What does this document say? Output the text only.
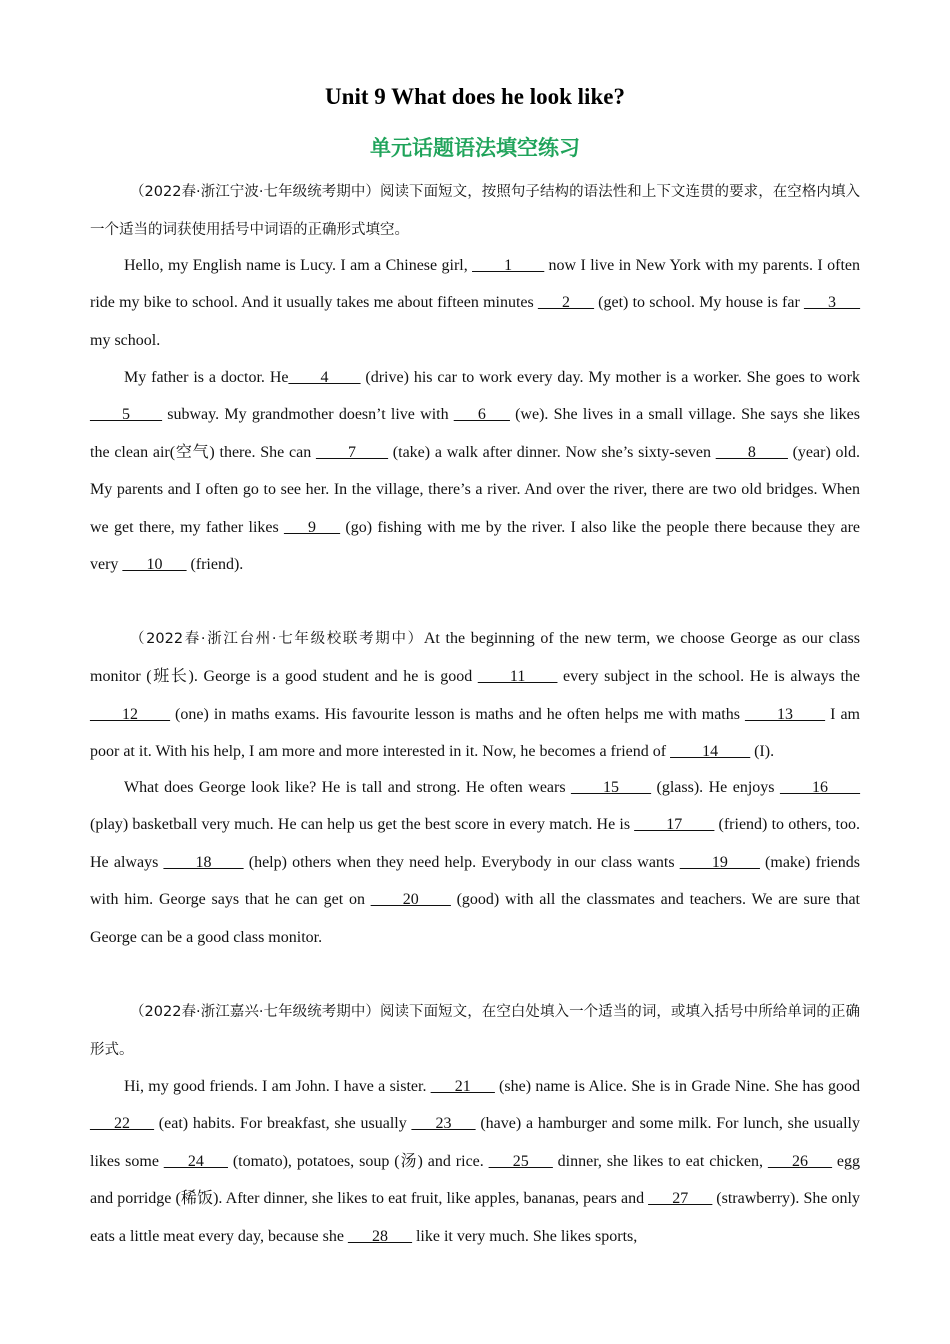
Unit 9 What does he look like?
单元话题语法填空练习

（2022春·浙江宁波·七年级统考期中）阅读下面短文，按照句子结构的语法性和上下文连贯的要求，在空格内填入一个适当的词获使用括号中词语的正确形式填空。

Hello, my English name is Lucy. I am a Chinese girl, ____1____ now I live in New York with my parents. I often ride my bike to school. And it usually takes me about fifteen minutes ___2___ (get) to school. My house is far ___3___ my school.

My father is a doctor. He____4____ (drive) his car to work every day. My mother is a worker. She goes to work ____5____ subway. My grandmother doesn’t live with ___6___ (we). She lives in a small village. She says she likes the clean air(空气) there. She can ____7____ (take) a walk after dinner. Now she’s sixty-seven ____8____ (year) old. My parents and I often go to see her. In the village, there’s a river. And over the river, there are two old bridges. When we get there, my father likes ___9___ (go) fishing with me by the river. I also like the people there because they are very ___10___ (friend).

（2022春·浙江台州·七年级校联考期中）At the beginning of the new term, we choose George as our class monitor (班长). George is a good student and he is good ____11____ every subject in the school. He is always the ____12____ (one) in maths exams. His favourite lesson is maths and he often helps me with maths ____13____ I am poor at it. With his help, I am more and more interested in it. Now, he becomes a friend of ____14____ (I).

What does George look like? He is tall and strong. He often wears ____15____ (glass). He enjoys ____16____ (play) basketball very much. He can help us get the best score in every match. He is ____17____ (friend) to others, too. He always ____18____ (help) others when they need help. Everybody in our class wants ____19____ (make) friends with him. George says that he can get on ____20____ (good) with all the classmates and teachers. We are sure that George can be a good class monitor.

（2022春·浙江嘉兴·七年级统考期中）阅读下面短文，在空白处填入一个适当的词，或填入括号中所给单词的正确形式。

Hi, my good friends. I am John. I have a sister. ___21___ (she) name is Alice. She is in Grade Nine. She has good ___22___ (eat) habits. For breakfast, she usually ___23___ (have) a hamburger and some milk. For lunch, she usually likes some ___24___ (tomato), potatoes, soup (汤) and rice. ___25___ dinner, she likes to eat chicken, ___26___ egg and porridge (稀饭). After dinner, she likes to eat fruit, like apples, bananas, pears and ___27___ (strawberry). She only eats a little meat every day, because she ___28___ like it very much. She likes sports,
